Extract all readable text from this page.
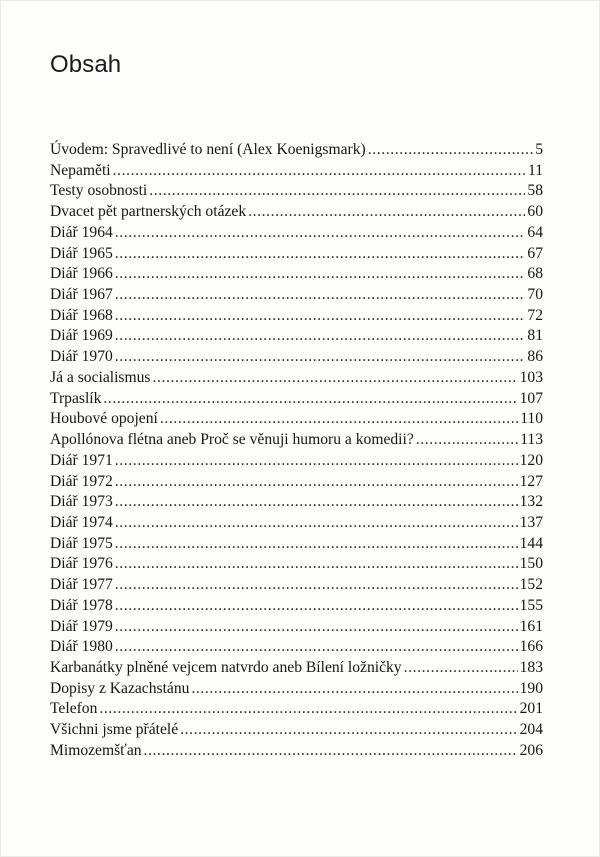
Obsah
Úvodem: Spravedlivé to není (Alex Koenigsmark) .....	5
Nepaměti .....	11
Testy osobnosti .....	58
Dvacet pět partnerských otázek .....	60
Diář 1964 .....	64
Diář 1965 .....	67
Diář 1966 .....	68
Diář 1967 .....	70
Diář 1968 .....	72
Diář 1969 .....	81
Diář 1970 .....	86
Já a socialismus .....	103
Trpaslík .....	107
Houbové opojení .....	110
Apollónova flétna aneb Proč se věnuji humoru a komedii? .....	113
Diář 1971 .....	120
Diář 1972 .....	127
Diář 1973 .....	132
Diář 1974 .....	137
Diář 1975 .....	144
Diář 1976 .....	150
Diář 1977 .....	152
Diář 1978 .....	155
Diář 1979 .....	161
Diář 1980 .....	166
Karbanátky plněné vejcem natvrdo aneb Bílení ložničky .....	183
Dopisy z Kazachstánu .....	190
Telefon .....	201
Všichni jsme přátelé .....	204
Mimozemšťan .....	206
